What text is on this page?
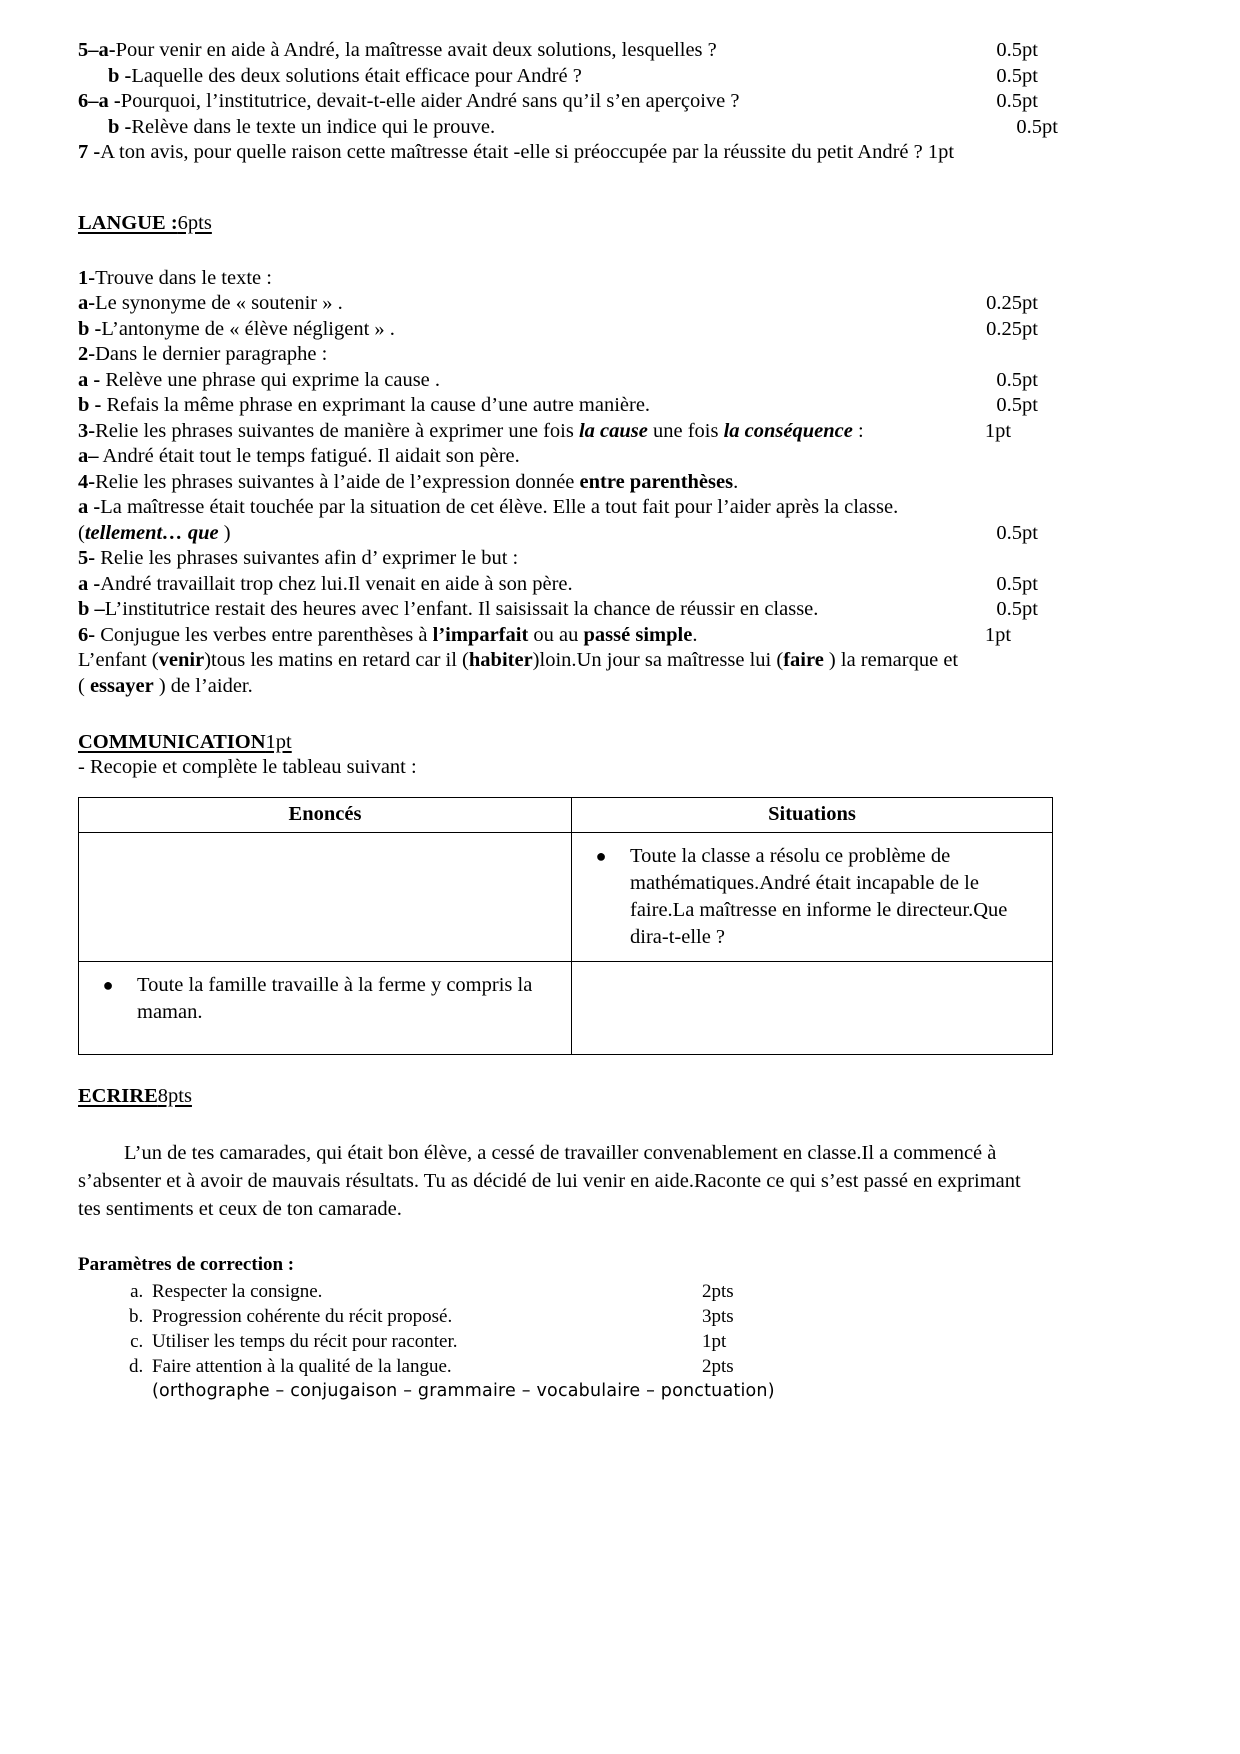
5–a-Pour venir en aide à André, la maîtresse avait deux solutions, lesquelles ?	0.5pt
b -Laquelle des deux solutions était efficace pour André ?	0.5pt
6–a -Pourquoi, l’institutrice, devait-t-elle aider André sans qu’il s’en aperçoive ?	0.5pt
b -Relève dans le texte un indice qui le prouve.	0.5pt
7 -A ton avis, pour quelle raison cette maîtresse était -elle si préoccupée par la réussite du petit André ? 1pt
LANGUE :6pts
1-Trouve dans le texte :
a-Le synonyme de « soutenir » .	0.25pt
b -L’antonyme de « élève négligent » .	0.25pt
2-Dans le dernier paragraphe :
a - Relève une phrase qui exprime la cause .	0.5pt
b - Refais la même phrase en exprimant la cause d’une autre manière.	0.5pt
3-Relie les phrases suivantes de manière à exprimer une fois la cause une fois la conséquence :	1pt
a– André était tout le temps fatigué. Il aidait son père.
4-Relie les phrases suivantes à l’aide de l’expression donnée entre parenthèses.
a -La maîtresse était touchée par la situation de cet élève. Elle a tout fait pour l’aider après la classe.
(tellement… que )	0.5pt
5- Relie les phrases suivantes afin d’ exprimer le but :
a -André travaillait trop chez lui.Il venait en aide à son père.	0.5pt
b –L’institutrice restait des heures avec l’enfant. Il saisissait la chance de réussir en classe.	0.5pt
6- Conjugue les verbes entre parenthèses à l’imparfait ou au passé simple.	1pt
L’enfant (venir)tous les matins en retard car il (habiter)loin.Un jour sa maîtresse lui (faire ) la remarque et
( essayer ) de l’aider.
COMMUNICATION1pt
- Recopie et complète le tableau suivant :
Enoncés	Situations

	● Toute la classe a résolu ce problème de mathématiques.André était incapable de le faire.La maîtresse en informe le directeur.Que dira-t-elle ?

● Toute la famille travaille à la ferme y compris la maman.	

ECRIRE8pts
L’un de tes camarades, qui était bon élève, a cessé de travailler convenablement en classe.Il a commencé à s’absenter et à avoir de mauvais résultats. Tu as décidé de lui venir en aide.Raconte ce qui s’est passé en exprimant tes sentiments et ceux de ton camarade.
Paramètres de correction :
a. Respecter la consigne.	2pts
b. Progression cohérente du récit proposé.	3pts
c. Utiliser les temps du récit pour raconter.	1pt
d. Faire attention à la qualité de la langue.	2pts
(orthographe – conjugaison – grammaire – vocabulaire – ponctuation)
